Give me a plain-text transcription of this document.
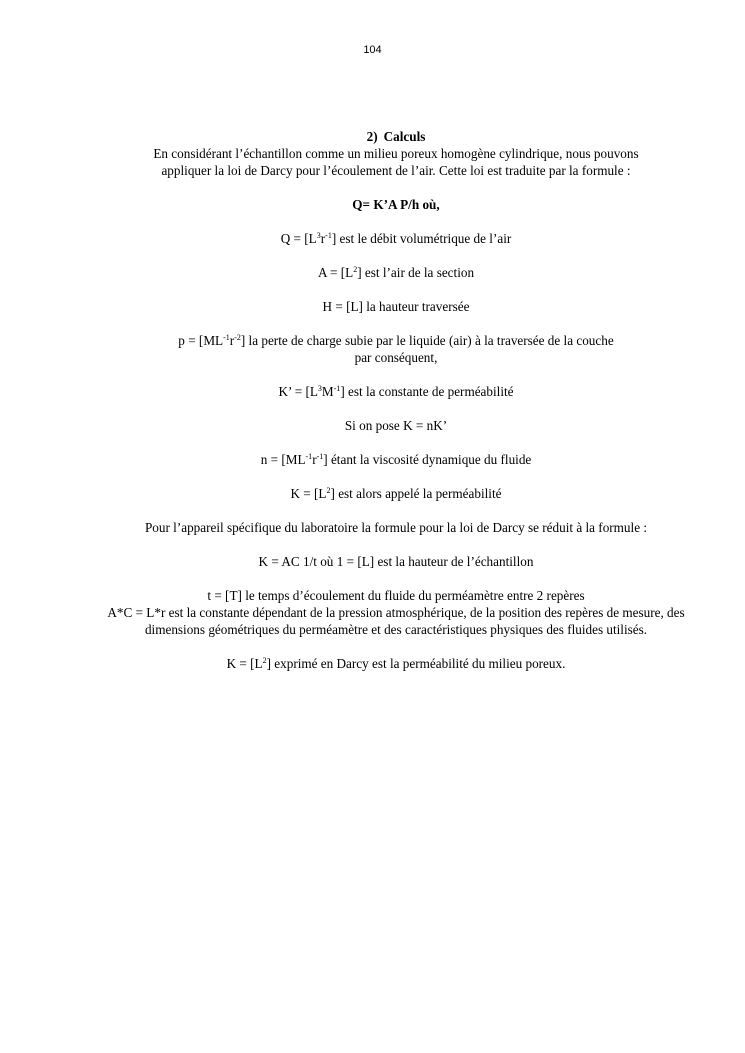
104

2) Calculs

En considérant l’échantillon comme un milieu poreux homogène cylindrique, nous pouvons

appliquer la loi de Darcy pour l’écoulement de l’air. Cette loi est traduite par la formule :

Q= K’A P/h où,

$Q = [L^3r^{-1}]$ est le débit volumétrique de l’air

$A = [L^2]$ est l’air de la section

H = [L] la hauteur traversée

$p = [ML^{-1}r^{-2}]$ la perte de charge subie par le liquide (air) à la traversée de la couche

par conséquent,

K’ = $[L^3M^{-1}]$ est la constante de perméabilité

Si on pose K = nK’

$n = [ML^{-1}r^{-1}]$ étant la viscosité dynamique du fluide

$K = [L^2]$ est alors appelé la perméabilité

Pour l’appareil spécifique du laboratoire la formule pour la loi de Darcy se réduit à la formule :

K = AC 1/t où 1 = [L] est la hauteur de l’échantillon

t = [T] le temps d’écoulement du fluide du perméamètre entre 2 repères

A*C = L*r est la constante dépendant de la pression atmosphérique, de la position des repères de mesure, des dimensions géométriques du perméamètre et des caractéristiques physiques des fluides utilisés.

$K = [L^2]$ exprimé en Darcy est la perméabilité du milieu poreux.
